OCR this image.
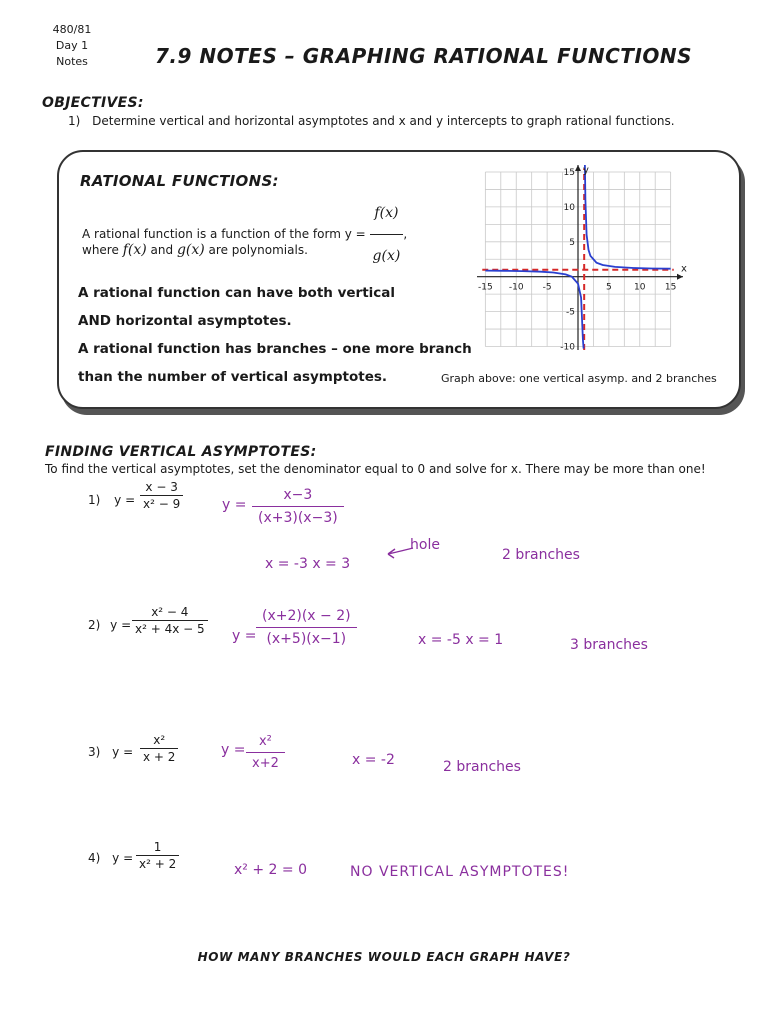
480/81
Day 1
Notes	7.9 NOTES – GRAPHING RATIONAL FUNCTIONS
OBJECTIVES:
1) Determine vertical and horizontal asymptotes and x and y intercepts to graph rational functions.
RATIONAL FUNCTIONS:
A rational function is a function of the form $y = \frac{f(x)}{g(x)}$ ,
where f(x) and g(x) are polynomials.
A rational function can have both vertical
AND horizontal asymptotes.
A rational function has branches – one more branch
than the number of vertical asymptotes.	Graph above: one vertical asymp. and 2 branches
-15 -10 -5	5 10 15
-10
-5
5
10
15
x
y
FINDING VERTICAL ASYMPTOTES:
To find the vertical asymptotes, set the denominator equal to 0 and solve for x. There may be more than one!
1) $y = \frac{x - 3}{\text{x² − 9}}$	$y = \frac{x-3}{(x+3)(x-3)}$
x = -3 x = 3
hole
2 branches
2) $y = \frac{\text{x² − 4}}{\text{x² + 4x − 5}}$ $y = \frac{(x+2)(x - 2)}{(x+5)(x-1)}$	x = -5 x = 1	3 branches
3) $y = \frac{\text{x²}}{x + 2}$	$y = \frac{\text{x²}}{x+2}$	x = -2	2 branches
4) $y = \frac{1}{\text{x² + 2}}$	x² + 2 = 0	NO VERTICAL ASYMPTOTES!
HOW MANY BRANCHES WOULD EACH GRAPH HAVE?
